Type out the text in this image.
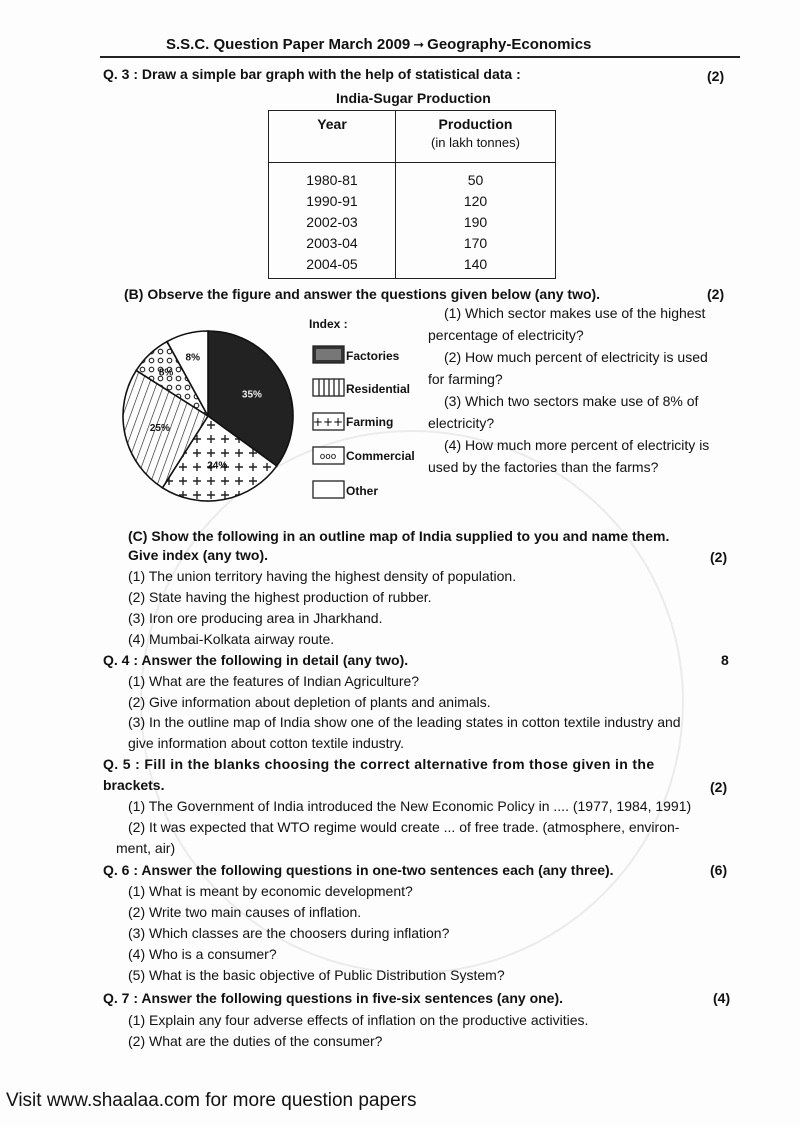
S.S.C. Question Paper March 2009 ➞ Geography-Economics
Q. 3 : Draw a simple bar graph with the help of statistical data :	(2)
India-Sugar Production
Year	Production
(in lakh tonnes)

1980-81	50
1990-91	120
2002-03	190
2003-04	170
2004-05	140
(B) Observe the figure and answer the questions given below (any two).	(2)
35%
24%
25%
8%
8%
Index :
Factories
Residential
+++ Farming
ooo Commercial
Other
(1) Which sector makes use of the highest
percentage of electricity?
(2) How much percent of electricity is used
for farming?
(3) Which two sectors make use of 8% of
electricity?
(4) How much more percent of electricity is
used by the factories than the farms?
(C) Show the following in an outline map of India supplied to you and name them.
Give index (any two).	(2)
(1) The union territory having the highest density of population.
(2) State having the highest production of rubber.
(3) Iron ore producing area in Jharkhand.
(4) Mumbai-Kolkata airway route.
Q. 4 : Answer the following in detail (any two).	8
(1) What are the features of Indian Agriculture?
(2) Give information about depletion of plants and animals.
(3) In the outline map of India show one of the leading states in cotton textile industry and
give information about cotton textile industry.
Q. 5 : Fill in the blanks choosing the correct alternative from those given in the
brackets.	(2)
(1) The Government of India introduced the New Economic Policy in .... (1977, 1984, 1991)
(2) It was expected that WTO regime would create ... of free trade. (atmosphere, environ-
ment, air)
Q. 6 : Answer the following questions in one-two sentences each (any three).	(6)
(1) What is meant by economic development?
(2) Write two main causes of inflation.
(3) Which classes are the choosers during inflation?
(4) Who is a consumer?
(5) What is the basic objective of Public Distribution System?
Q. 7 : Answer the following questions in five-six sentences (any one).	(4)
(1) Explain any four adverse effects of inflation on the productive activities.
(2) What are the duties of the consumer?
Visit www.shaalaa.com for more question papers
